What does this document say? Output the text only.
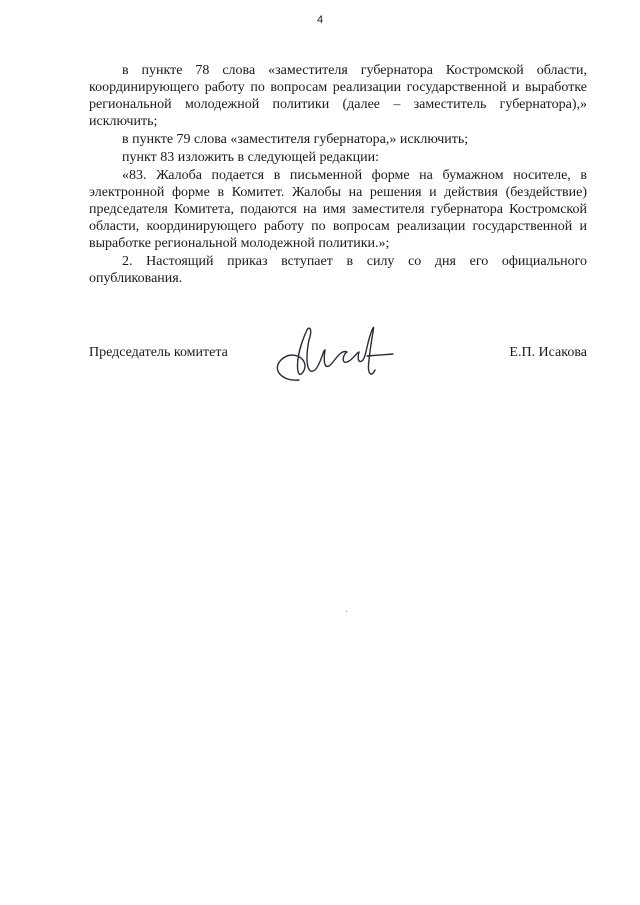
4

в пункте 78 слова «заместителя губернатора Костромской области, координирующего работу по вопросам реализации государственной и выработке региональной молодежной политики (далее – заместитель губернатора),» исключить;

в пункте 79 слова «заместителя губернатора,» исключить;

пункт 83 изложить в следующей редакции:

«83. Жалоба подается в письменной форме на бумажном носителе, в электронной форме в Комитет. Жалобы на решения и действия (бездействие) председателя Комитета, подаются на имя заместителя губернатора Костромской области, координирующего работу по вопросам реализации государственной и выработке региональной молодежной политики.»;

2. Настоящий приказ вступает в силу со дня его официального опубликования.

Председатель комитета	Е.П. Исакова
